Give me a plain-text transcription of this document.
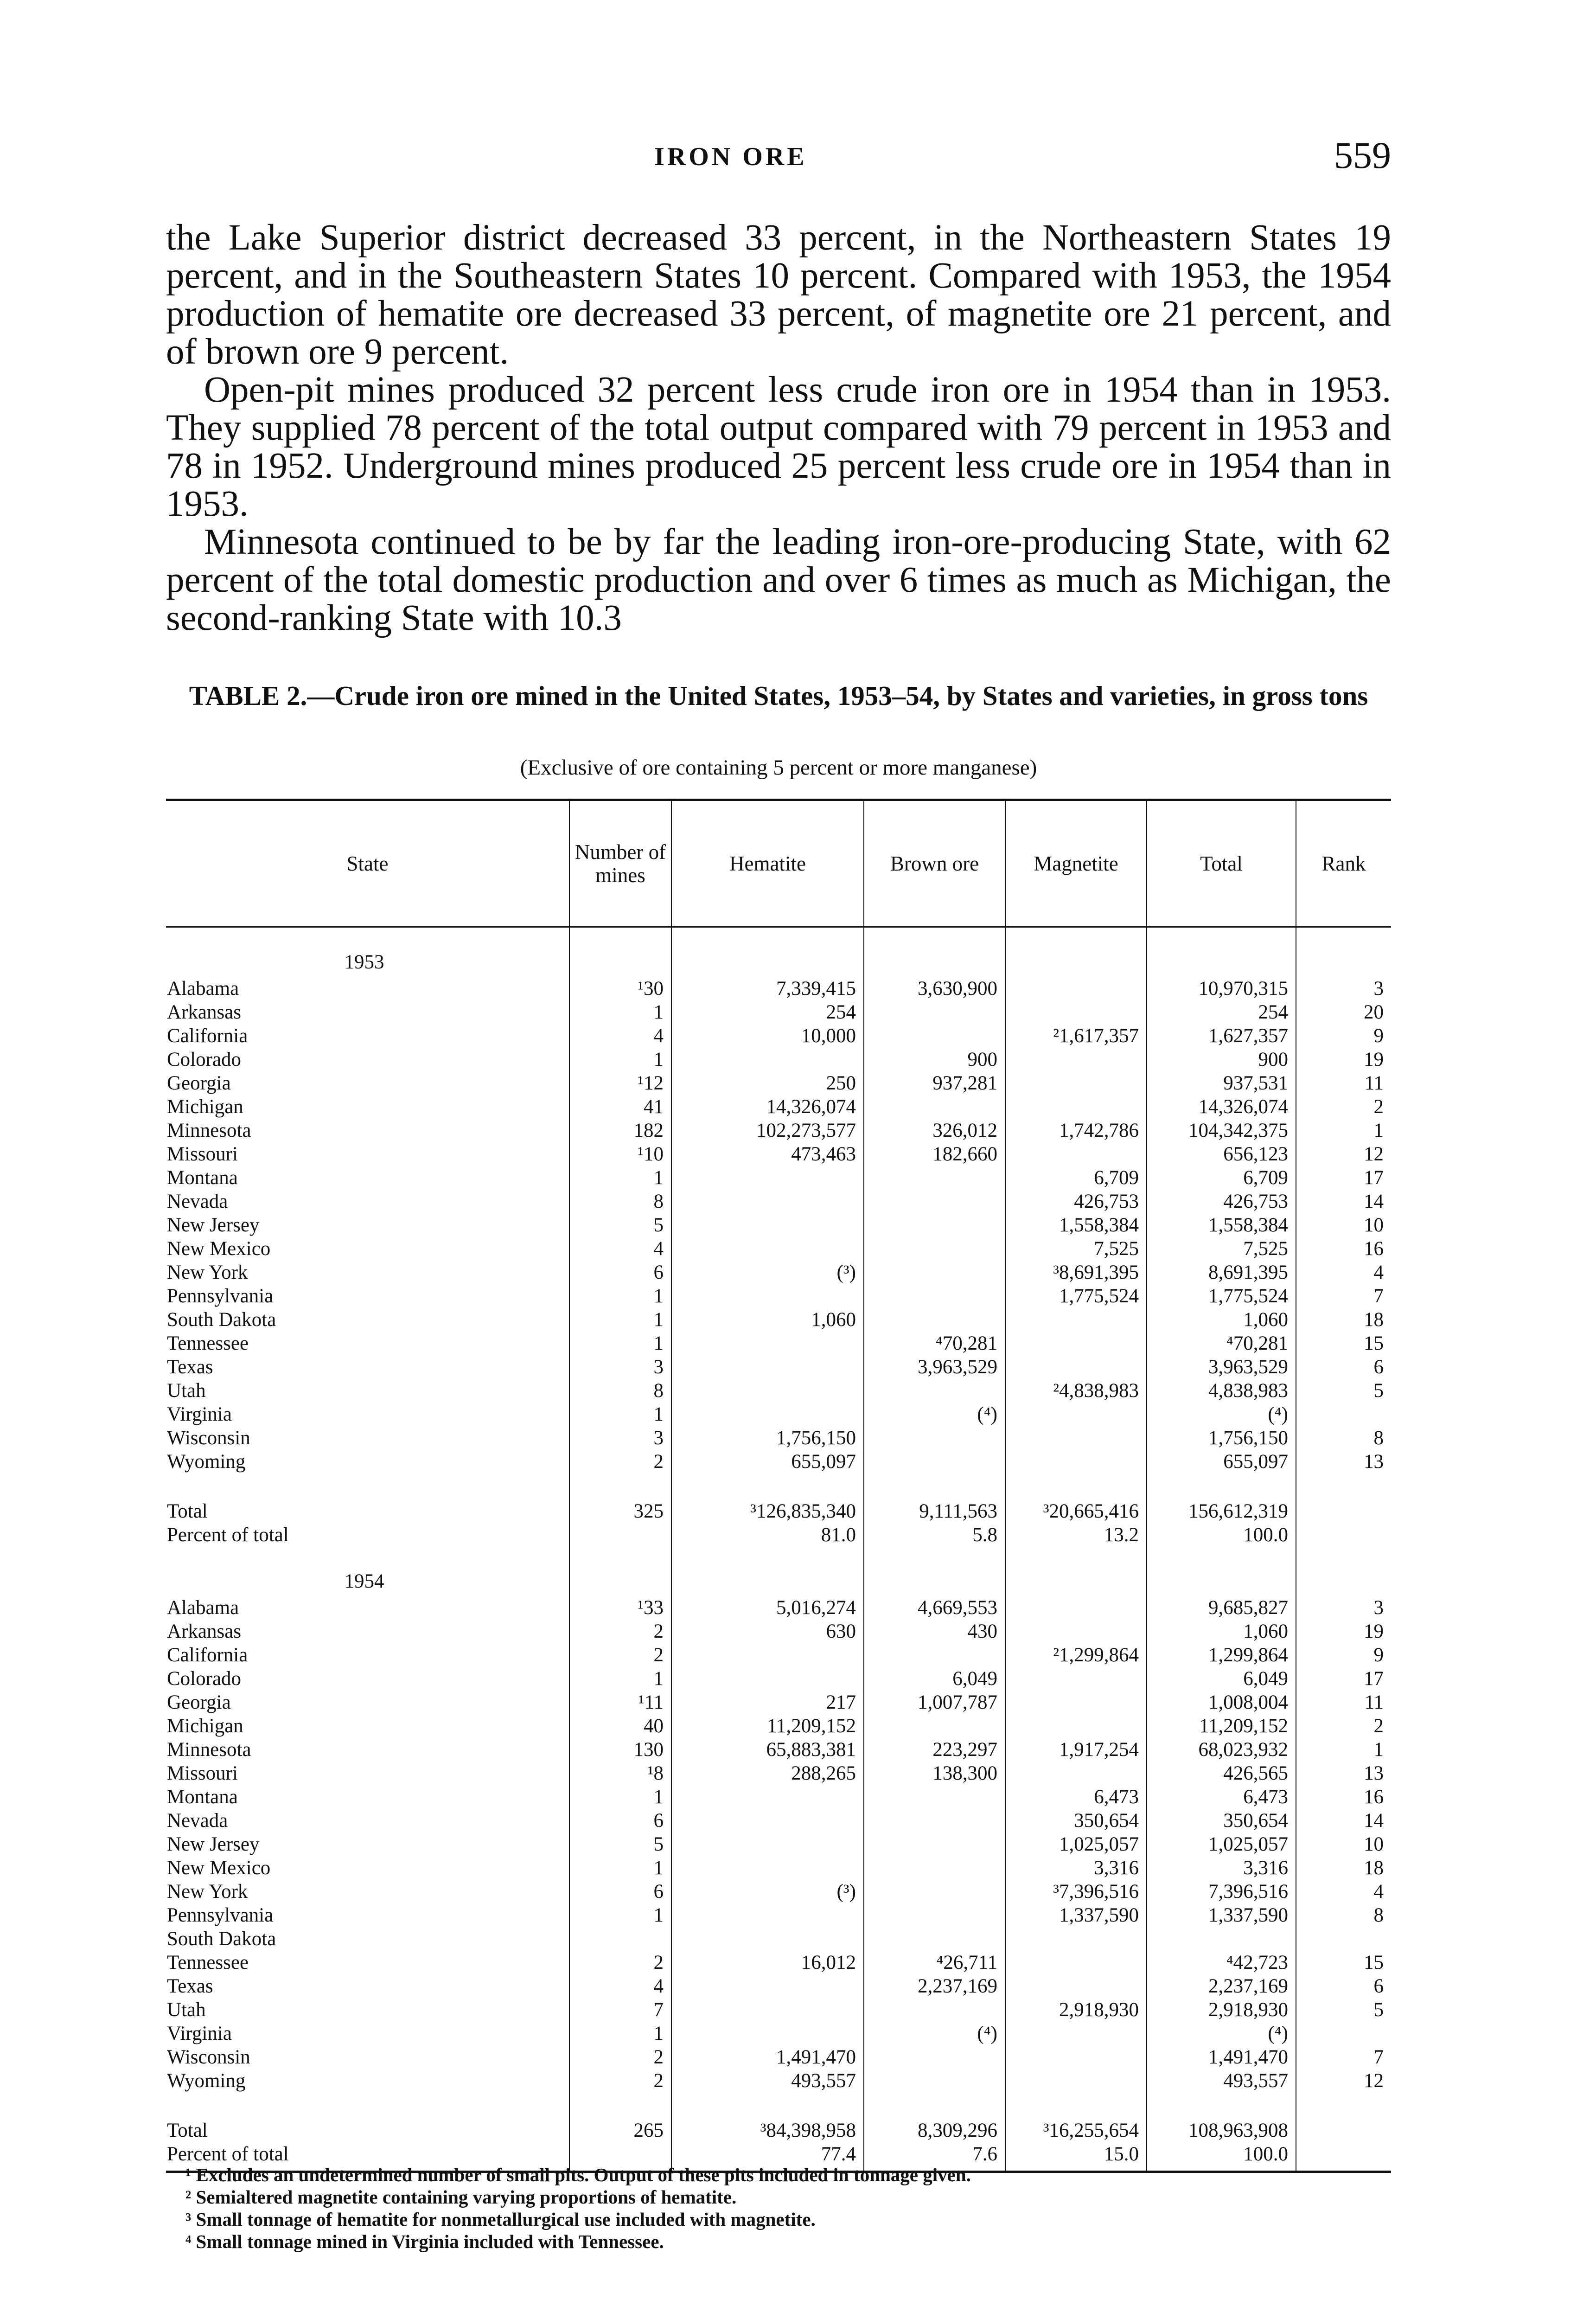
IRON ORE	559

the Lake Superior district decreased 33 percent, in the Northeastern States 19 percent, and in the Southeastern States 10 percent. Compared with 1953, the 1954 production of hematite ore decreased 33 percent, of magnetite ore 21 percent, and of brown ore 9 percent.

Open-pit mines produced 32 percent less crude iron ore in 1954 than in 1953. They supplied 78 percent of the total output compared with 79 percent in 1953 and 78 in 1952. Underground mines produced 25 percent less crude ore in 1954 than in 1953.

Minnesota continued to be by far the leading iron-ore-producing State, with 62 percent of the total domestic production and over 6 times as much as Michigan, the second-ranking State with 10.3

TABLE 2.—Crude iron ore mined in the United States, 1953–54, by States and varieties, in gross tons
(Exclusive of ore containing 5 percent or more manganese)
State	Number of mines	Hematite	Brown ore	Magnetite	Total	Rank
1953						
Alabama	¹30	7,339,415	3,630,900		10,970,315	3
Arkansas	1	254			254	20
California	4	10,000		²1,617,357	1,627,357	9
Colorado	1		900		900	19
Georgia	¹12	250	937,281		937,531	11
Michigan	41	14,326,074			14,326,074	2
Minnesota	182	102,273,577	326,012	1,742,786	104,342,375	1
Missouri	¹10	473,463	182,660		656,123	12
Montana	1			6,709	6,709	17
Nevada	8			426,753	426,753	14
New Jersey	5			1,558,384	1,558,384	10
New Mexico	4			7,525	7,525	16
New York	6	(³)		³8,691,395	8,691,395	4
Pennsylvania	1			1,775,524	1,775,524	7
South Dakota	1	1,060			1,060	18
Tennessee	1		⁴70,281		⁴70,281	15
Texas	3		3,963,529		3,963,529	6
Utah	8			²4,838,983	4,838,983	5
Virginia	1		(⁴)		(⁴)	
Wisconsin	3	1,756,150			1,756,150	8
Wyoming	2	655,097			655,097	13

Total	325	³126,835,340	9,111,563	³20,665,416	156,612,319	
Percent of total		81.0	5.8	13.2	100.0	
1954						
Alabama	¹33	5,016,274	4,669,553		9,685,827	3
Arkansas	2	630	430		1,060	19
California	2			²1,299,864	1,299,864	9
Colorado	1		6,049		6,049	17
Georgia	¹11	217	1,007,787		1,008,004	11
Michigan	40	11,209,152			11,209,152	2
Minnesota	130	65,883,381	223,297	1,917,254	68,023,932	1
Missouri	¹8	288,265	138,300		426,565	13
Montana	1			6,473	6,473	16
Nevada	6			350,654	350,654	14
New Jersey	5			1,025,057	1,025,057	10
New Mexico	1			3,316	3,316	18
New York	6	(³)		³7,396,516	7,396,516	4
Pennsylvania	1			1,337,590	1,337,590	8
South Dakota						
Tennessee	2	16,012	⁴26,711		⁴42,723	15
Texas	4		2,237,169		2,237,169	6
Utah	7			2,918,930	2,918,930	5
Virginia	1		(⁴)		(⁴)	
Wisconsin	2	1,491,470			1,491,470	7
Wyoming	2	493,557			493,557	12

Total	265	³84,398,958	8,309,296	³16,255,654	108,963,908	
Percent of total		77.4	7.6	15.0	100.0	
¹ Excludes an undetermined number of small pits. Output of these pits included in tonnage given.
² Semialtered magnetite containing varying proportions of hematite.
³ Small tonnage of hematite for nonmetallurgical use included with magnetite.
⁴ Small tonnage mined in Virginia included with Tennessee.
